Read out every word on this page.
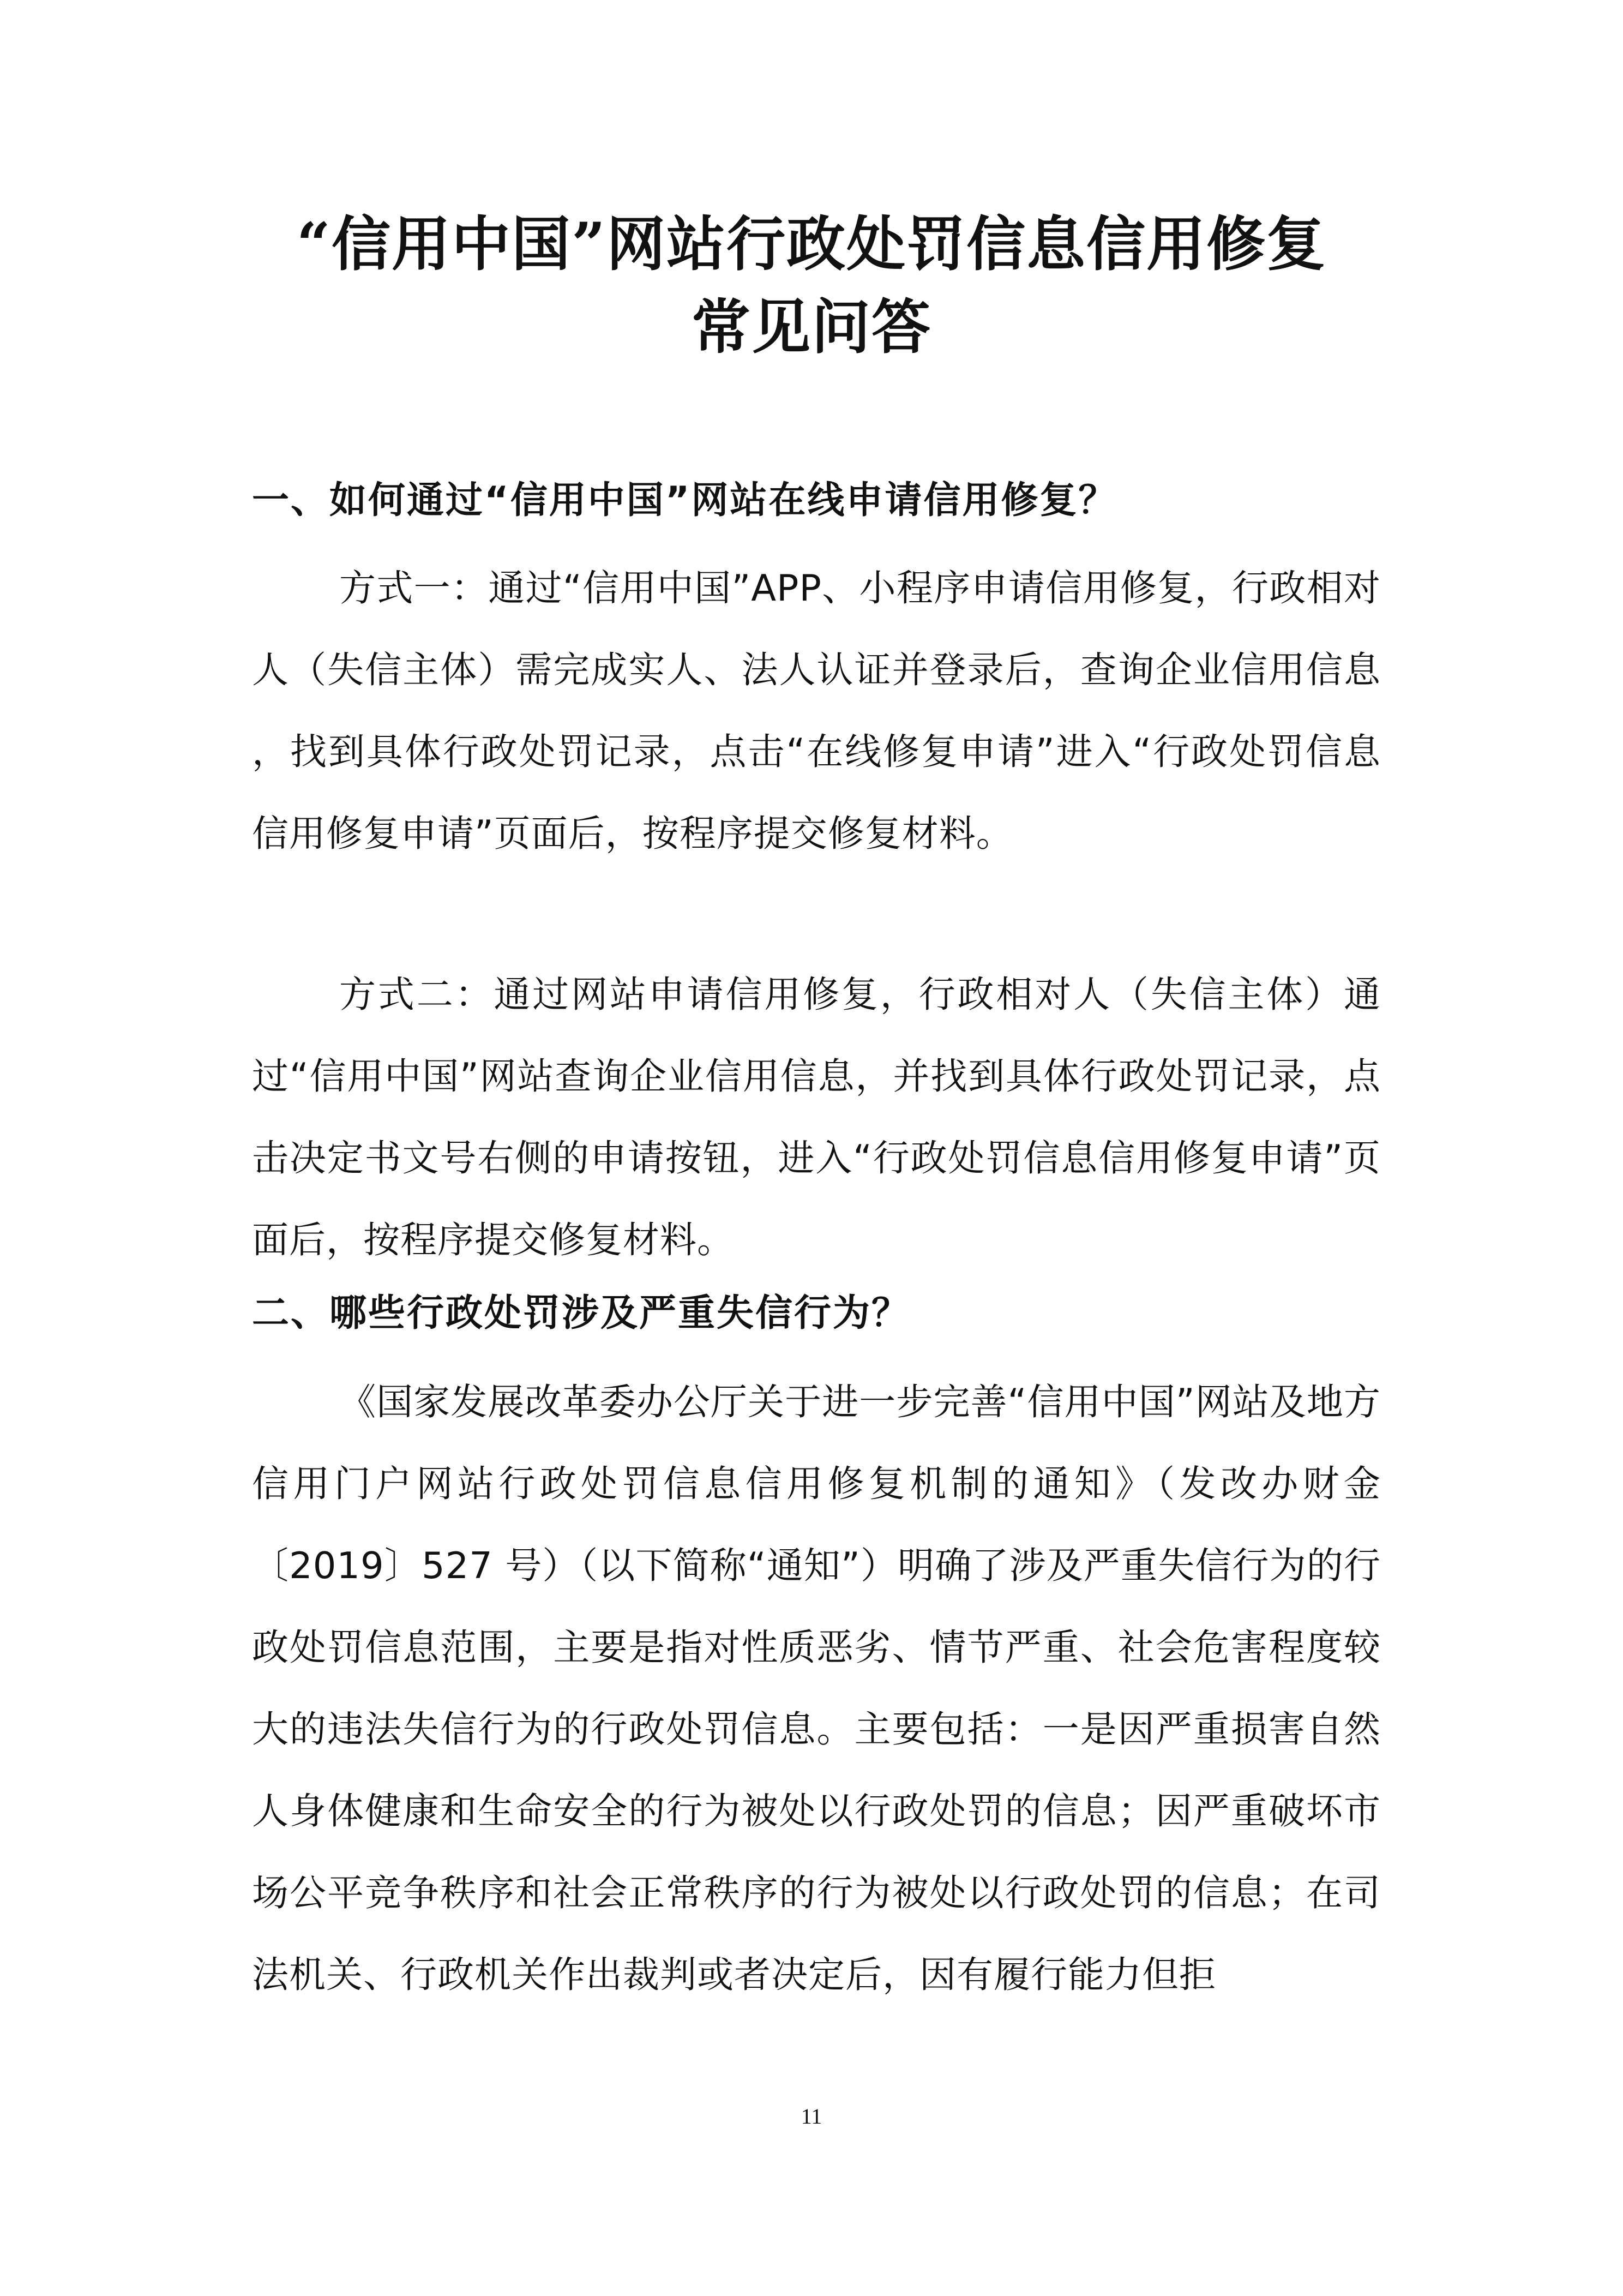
“信用中国”网站行政处罚信息信用修复
常见问答
一、如何通过“信用中国”网站在线申请信用修复？
方式一：通过“信用中国”APP、小程序申请信用修复，行政相对人（失信主体）需完成实人、法人认证并登录后，查询企业信用信息 ，找到具体行政处罚记录，点击“在线修复申请”进入“行政处罚信息信用修复申请”页面后，按程序提交修复材料。
方式二：通过网站申请信用修复，行政相对人（失信主体）通过“信用中国”网站查询企业信用信息，并找到具体行政处罚记录，点击决定书文号右侧的申请按钮，进入“行政处罚信息信用修复申请”页面后，按程序提交修复材料。
二、哪些行政处罚涉及严重失信行为？
《国家发展改革委办公厅关于进一步完善“信用中国”网站及地方信用门户网站行政处罚信息信用修复机制的通知》（发改办财金〔2019〕527 号）（以下简称“通知”）明确了涉及严重失信行为的行政处罚信息范围，主要是指对性质恶劣、情节严重、社会危害程度较大的违法失信行为的行政处罚信息。主要包括：一是因严重损害自然人身体健康和生命安全的行为被处以行政处罚的信息；因严重破坏市场公平竞争秩序和社会正常秩序的行为被处以行政处罚的信息；在司法机关、行政机关作出裁判或者决定后，因有履行能力但拒
11
